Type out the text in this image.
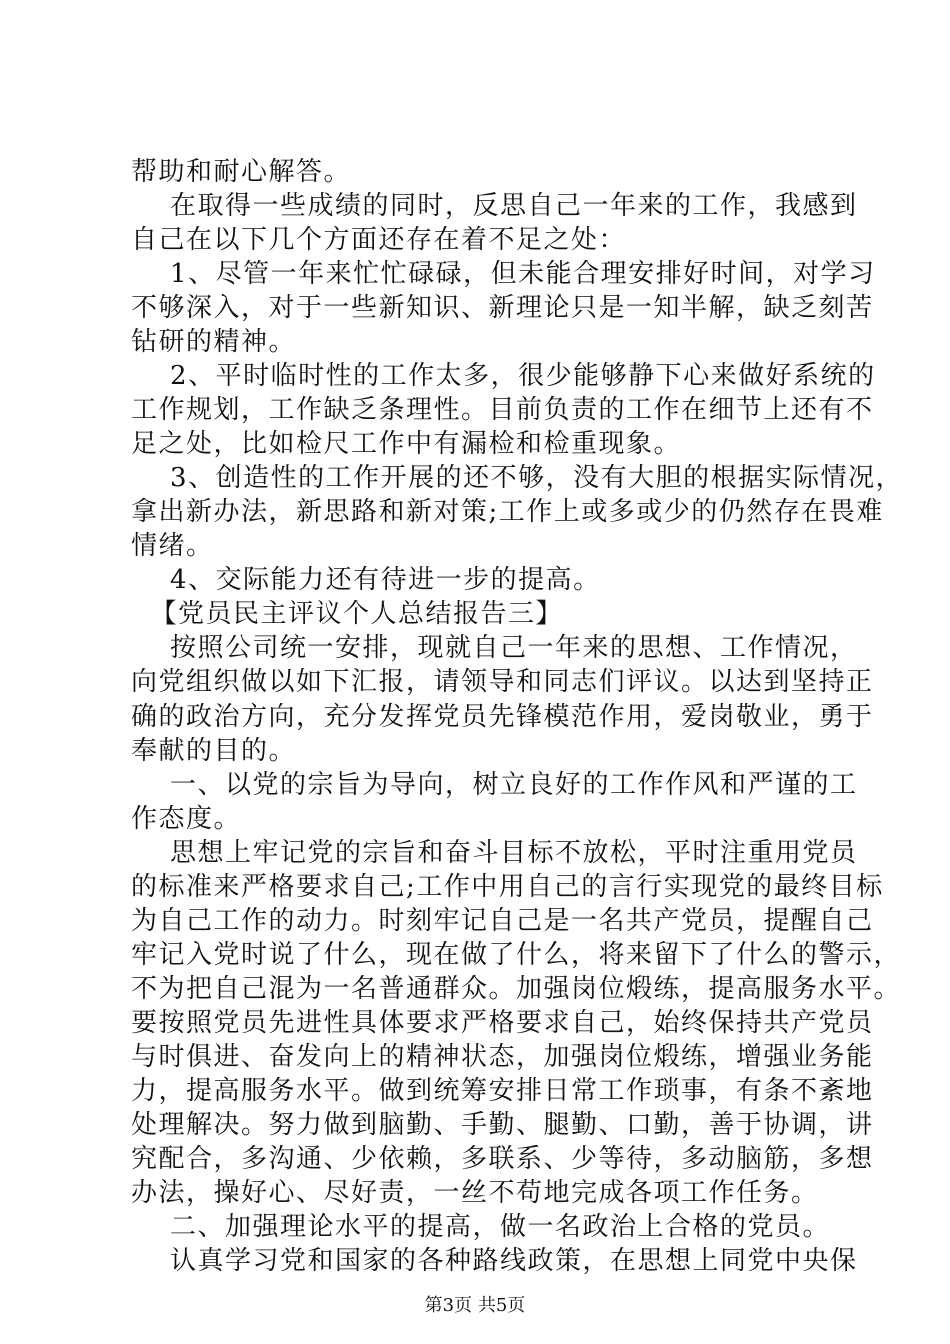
帮助和耐心解答。
在取得一些成绩的同时，反思自己一年来的工作，我感到
自己在以下几个方面还存在着不足之处：
1、尽管一年来忙忙碌碌，但未能合理安排好时间，对学习
不够深入，对于一些新知识、新理论只是一知半解，缺乏刻苦
钻研的精神。
2、平时临时性的工作太多，很少能够静下心来做好系统的
工作规划，工作缺乏条理性。目前负责的工作在细节上还有不
足之处，比如检尺工作中有漏检和检重现象。
3、创造性的工作开展的还不够，没有大胆的根据实际情况，
拿出新办法，新思路和新对策;工作上或多或少的仍然存在畏难
情绪。
4、交际能力还有待进一步的提高。
【党员民主评议个人总结报告三】
按照公司统一安排，现就自己一年来的思想、工作情况，
向党组织做以如下汇报，请领导和同志们评议。以达到坚持正
确的政治方向，充分发挥党员先锋模范作用，爱岗敬业，勇于
奉献的目的。
一、以党的宗旨为导向，树立良好的工作作风和严谨的工
作态度。
思想上牢记党的宗旨和奋斗目标不放松，平时注重用党员
的标准来严格要求自己;工作中用自己的言行实现党的最终目标
为自己工作的动力。时刻牢记自己是一名共产党员，提醒自己
牢记入党时说了什么，现在做了什么，将来留下了什么的警示，
不为把自己混为一名普通群众。加强岗位煅练，提高服务水平。
要按照党员先进性具体要求严格要求自己，始终保持共产党员
与时俱进、奋发向上的精神状态，加强岗位煅练，增强业务能
力，提高服务水平。做到统筹安排日常工作琐事，有条不紊地
处理解决。努力做到脑勤、手勤、腿勤、口勤，善于协调，讲
究配合，多沟通、少依赖，多联系、少等待，多动脑筋，多想
办法，操好心、尽好责，一丝不苟地完成各项工作任务。
二、加强理论水平的提高，做一名政治上合格的党员。
认真学习党和国家的各种路线政策，在思想上同党中央保
第3页 共5页
